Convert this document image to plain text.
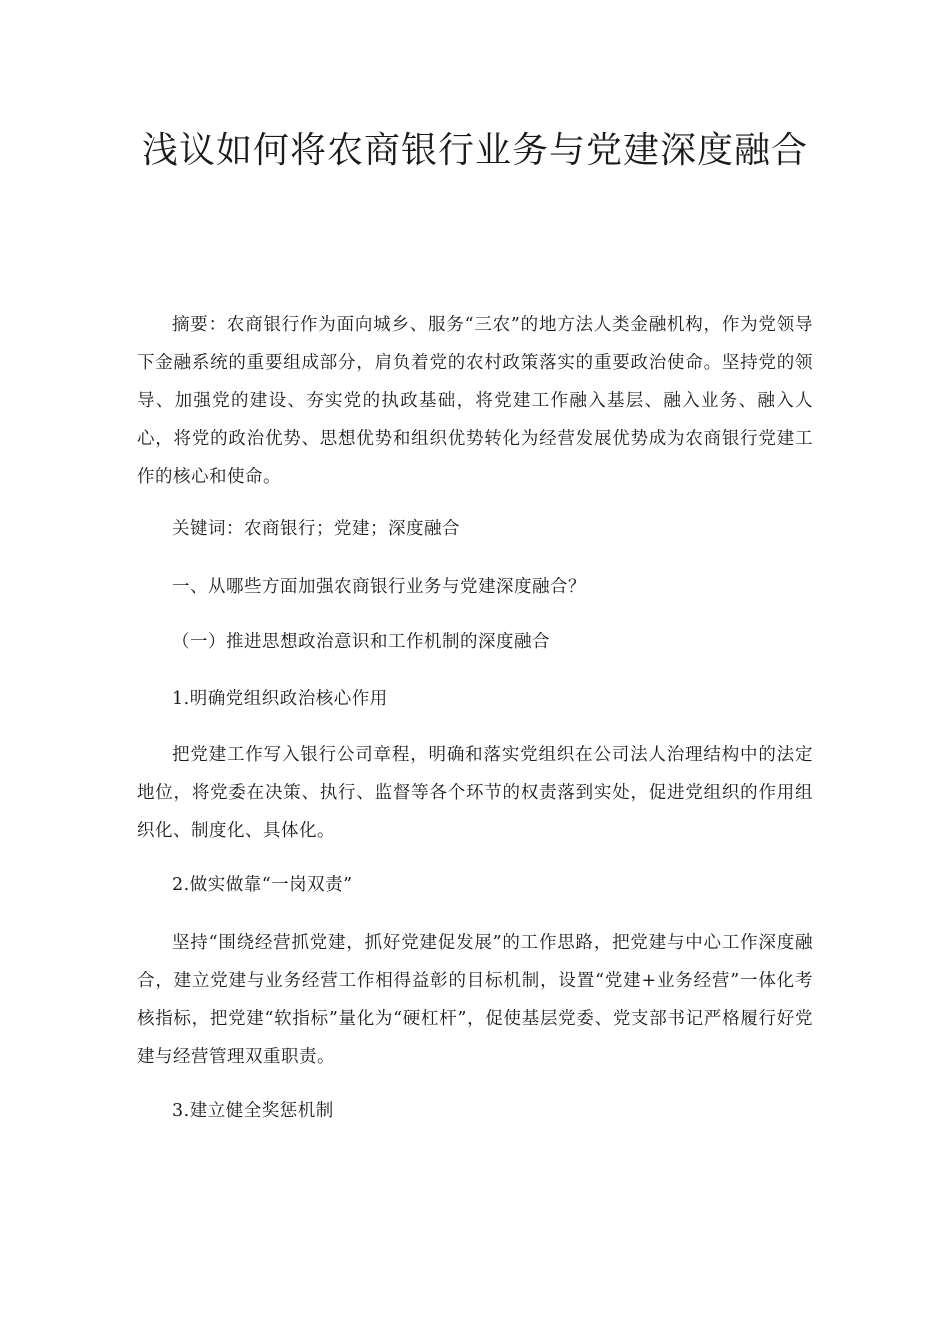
浅议如何将农商银行业务与党建深度融合

摘要：农商银行作为面向城乡、服务“三农”的地方法人类金融机构，作为党领导下金融系统的重要组成部分，肩负着党的农村政策落实的重要政治使命。坚持党的领导、加强党的建设、夯实党的执政基础，将党建工作融入基层、融入业务、融入人心，将党的政治优势、思想优势和组织优势转化为经营发展优势成为农商银行党建工作的核心和使命。

关键词：农商银行；党建；深度融合

一、从哪些方面加强农商银行业务与党建深度融合？

（一）推进思想政治意识和工作机制的深度融合

1.明确党组织政治核心作用

把党建工作写入银行公司章程，明确和落实党组织在公司法人治理结构中的法定地位，将党委在决策、执行、监督等各个环节的权责落到实处，促进党组织的作用组织化、制度化、具体化。

2.做实做靠“一岗双责”

坚持“围绕经营抓党建，抓好党建促发展”的工作思路，把党建与中心工作深度融合，建立党建与业务经营工作相得益彰的目标机制，设置“党建+业务经营”一体化考核指标，把党建“软指标”量化为“硬杠杆”，促使基层党委、党支部书记严格履行好党建与经营管理双重职责。

3.建立健全奖惩机制
